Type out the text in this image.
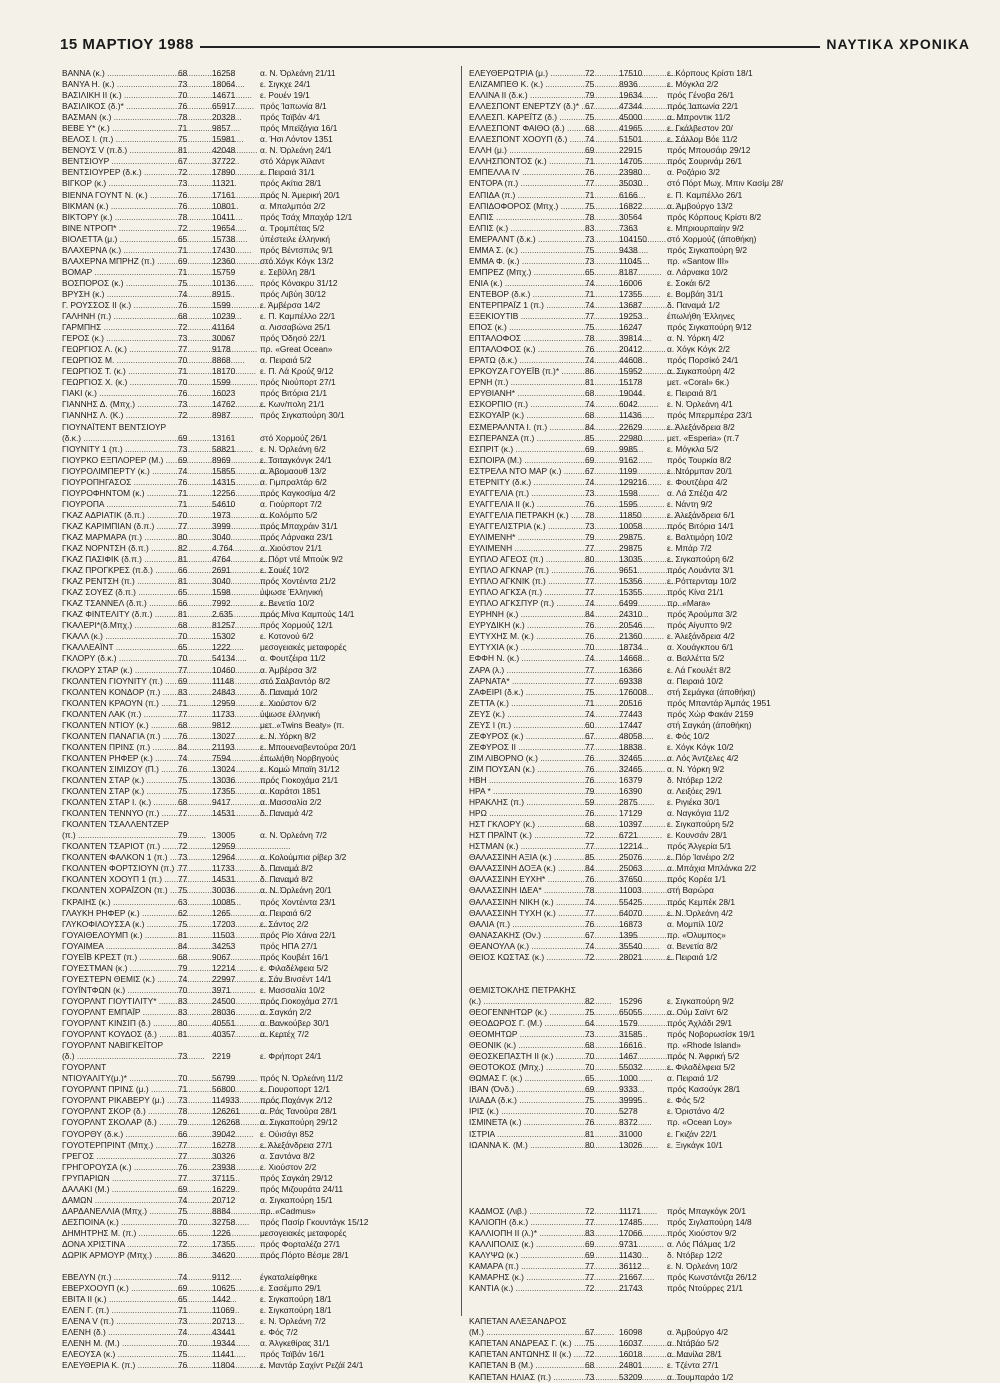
15 ΜΑΡΤΙΟΥ 1988	ΝΑΥΤΙΚΑ ΧΡΟΝΙΚΑ
ΒΑΝΝΑ (κ.) .....	68	16258	α. Ν. Όρλεάνη 21/11
ΒΑΝΥΑ Η. (κ.) .....	73	18064	ε. Σιγκχε 24/1
ΒΑΣΙΛΙΚΗ ΙΙ (κ.) .....	70	14671	ε. Ρουέν 19/1
ΒΑΣΙΛΙΚΟΣ (δ.)* .....	76	65917	πρός Ίαπωνία 8/1
ΒΑΣΜΑΝ (κ.) .....	78	20328	πρός Ταϊβάν 4/1
ΒΕΒΕ Υ* (κ.) .....	71	9857	πρός Μπεϊζάγια 16/1
ΒΕΛΟΣ Ι. (π.) .....	75	15981	α. Ήσι Λόντον 1351
ΒΕΝΟΥΣ V (π.δ.) .....	81	42048	α. Ν. Όρλεάνη 24/1
ΒΕΝΤΣΙΟΥΡ .....	67	37722	στό Χάργκ Άϊλαντ
ΒΕΝΤΣΙΟΥΡΕΡ (δ.κ.) .....	72	17890	ε. Πειραιά 31/1
ΒΙΓΚΟΡ (κ.) .....	73	11321	πρός Ακίτια 28/1
ΒΙΕΝΝΑ ΓΟΥΝΤ Ν. (κ.) .....	76	17161	πρός Ν. Άμερική 20/1
ΒΙΚΜΑΝ (κ.) .....	76	10801	α. Μπαλμπόα 2/2
ΒΙΚΤΟΡΥ (κ.) .....	78	10411	πρός Τσάχ Μπαχάρ 12/1
ΒΙΝΕ ΝΤΡΟΠ* .....	72	19654	α. Τρομπέτας 5/2
ΒΙΟΛΕΤΤΑ (μ.) .....	65	15738	ύπέστειλε έλληνική
ΒΛΑΧΕΡΝΑ (κ.) .....	71	17430	πρός Βέντσπιλς 9/1
ΒΛΑΧΕΡΝΑ ΜΠΡΗΖ (π.) .....	69	12360	στό Χόγκ Κόγκ 13/2
ΒΟΜΑΡ .....	71	15759	ε. Σεβίλλη 28/1
ΒΟΣΠΟΡΟΣ (κ.) .....	75	10136	πρός Κόνακρυ 31/12
ΒΡΥΣΗ (κ.) .....	74	8915	πρός Λιβύη 30/12
Γ. ΡΟΥΣΣΟΣ ΙΙ (κ.) .....	76	1599	ε. Άμβέρσα 14/2
ΓΑΛΗΝΗ (π.) .....	68	10239	ε. Π. Καμπέλλο 22/1
ΓΑΡΜΠΗΣ .....	72	41164	α. Λισσαβώνα 25/1
ΓΕΡΟΣ (κ.) .....	73	30067	πρός Όδησό 22/1
ΓΕΩΡΓΙΟΣ Λ. (κ.) .....	77	9178	πρ. «Great Ocean»
ΓΕΩΡΓΙΟΣ Μ. .....	70	8868	α. Πειραιά 5/2
ΓΕΩΡΓΙΟΣ Τ. (κ.) .....	71	18170	ε. Π. Λά Κρούζ 9/12
ΓΕΩΡΓΙΟΣ Χ. (κ.) .....	70	1599	πρός Νιούπορτ 27/1
ΓΙΑΚΙ (κ.) .....	76	16023	πρός Βιτόρια 21/1
ΓΙΑΝΝΗΣ Δ. (Μπχ.) .....	73	14762	ε. Κων/πολη 21/1
ΓΙΑΝΝΗΣ Λ. (Κ.) .....	72	8987	πρός Σιγκαπούρη 30/1
ΓΙΟΥΝΑΪΤΕΝΤ ΒΕΝΤΣΙΟΥΡ
(δ.κ.) .....	69	13161	στό Χορμούζ 26/1
ΓΙΟΥΝΙΤΥ 1 (π.) .....	73	58821	ε. Ν. Όρλεάνη 6/2
ΓΙΟΥΡΚΟ ΕΞΠΛΟΡΕΡ (Μ.) .....	69	8969	ε. Τσιταγκόνγκ 24/1
ΓΙΟΥΡΟΛΙΜΠΕΡΤΥ (κ.) .....	74	15855	α. Άβομαουθ 13/2
ΓΙΟΥΡΟΠΗΓΑΣΟΣ .....	76	14315	α. Γιμπραλτάρ 6/2
ΓΙΟΥΡΟΦΗΝΤΟΜ (κ.) .....	71	12256	πρός Καγκοσίμα 4/2
ΓΙΟΥΡΟΠΑ .....	71	54610	α. Γιούρπορτ 7/2
ΓΚΑΖ ΑΔΡΙΑΤΙΚ (δ.π.) .....	70	1973	α. Κολόμπο 5/2
ΓΚΑΖ ΚΑΡΙΜΠΙΑΝ (δ.π.) .....	77	3999	πρός Μπαχράιν 31/1
ΓΚΑΖ ΜΑΡΜΑΡΑ (π.) .....	80	3040	πρός Λάρνακα 23/1
ΓΚΑΖ ΝΟΡΝΤΣΗ (δ.π.) .....	82	4.764	α. Χιούστον 21/1
ΓΚΑΖ ΠΑΣΙΦΙΚ (δ.π.) .....	81	4764	ε. Πόρτ ντέ Μπούκ 9/2
ΓΚΑΖ ΠΡΟΓΚΡΕΣ (π.δ.) .....	66	2691	ε. Σουέζ 10/2
ΓΚΑΖ ΡΕΝΤΣΗ (π.) .....	81	3040	πρός Χοντέιντα 21/2
ΓΚΑΖ ΣΟΥΕΖ (δ.π.) .....	65	1598	ύψωσε Έλληνική
ΓΚΑΖ ΤΣΑΝΝΕΛ (δ.π.) .....	66	7992	ε. Βενετία 10/2
ΓΚΑΖ ΦΙΝΤΕΛΙΤΥ (δ.π.) .....	81	2.635	πρός Μίνα Καμπούς 14/1
ΓΚΑΛΕΡΙ*(δ.Μπχ.) .....	68	81257	πρός Χορμούζ 12/1
ΓΚΑΛΛ (κ.) .....	70	15302	ε. Κοτονού 6/2
ΓΚΑΛΛΕΑΪΝΤ .....	65	1222	μεσογειακές μεταφορές
ΓΚΛΟΡΥ (δ.κ.) .....	70	54134	α. Φουτζέιρα 11/2
ΓΚΛΟΡΥ ΣΤΑΡ (κ.) .....	77	10460	α. Άμβέρσα 3/2
ΓΚΟΛΝΤΕΝ ΓΙΟΥΝΙΤΥ (π.) .....	69	11148	στό Σαλβαντόρ 8/2
ΓΚΟΛΝΤΕΝ ΚΟΝΔΟΡ (π.) .....	83	24843	δ. Παναμά 10/2
ΓΚΟΛΝΤΕΝ ΚΡΑΟΥΝ (π.) .....	71	12959	ε. Χιούστον 6/2
ΓΚΟΛΝΤΕΝ ΛΑΚ (π.) .....	77	11733	ύψωσε έλληνική
ΓΚΟΛΝΤΕΝ ΝΤΙΟΥ (κ.) .....	68	9812	μετ. «Twins Beaty» (π.
ΓΚΟΛΝΤΕΝ ΠΑΝΑΓΙΑ (π.) .....	76	13027	ε. Ν. Υόρκη 8/2
ΓΚΟΛΝΤΕΝ ΠΡΙΝΣ (π.) .....	84	21193	ε. Μπουεναβεντούρα 20/1
ΓΚΟΛΝΤΕΝ ΡΗΦΕΡ (κ.) .....	74	7594	έπωλήθη Νορβηγούς
ΓΚΟΛΝΤΕΝ ΣΙΜΙΖΟΥ (Π.) .....	76	13024	ε. Κομώ Μπαϊη 31/12
ΓΚΟΛΝΤΕΝ ΣΤΑΡ (κ.) .....	75	13036	πρός Γιοκοχάμα 21/1
ΓΚΟΛΝΤΕΝ ΣΤΑΡ (κ.) .....	75	17355	α. Καράτσι 1851
ΓΚΟΛΝΤΕΝ ΣΤΑΡ Ι. (κ.) .....	68	9417	α. Μασσαλία 2/2
ΓΚΟΛΝΤΕΝ ΤΕΝΝΥΟ (π.) .....	77	14531	δ. Παναμά 4/2
ΓΚΟΛΝΤΕΝ ΤΣΑΛΛΕΝΤΖΕΡ
(π.) .....	79	13005	α. Ν. Όρλεάνη 7/2
ΓΚΟΛΝΤΕΝ ΤΣΑΡΙΟΤ (π.) .....	72	12959
ΓΚΟΛΝΤΕΝ ΦΑΛΚΟΝ 1 (π.) .....	73	12964	α. Κολούμπια ρίβερ 3/2
ΓΚΟΛΝΤΕΝ ΦΟΡΤΣΙΟΥΝ (π.) ..... 77	11733	δ. Παναμά 8/2
ΓΚΟΛΝΤΕΝ ΧΟΟΥΠ 1 (π.) .....	77	14531	δ. Παναμά 8/2
ΓΚΟΛΝΤΕΝ ΧΟΡΑΪΖΟΝ (π.) .....	75	30036	α. Ν. Όρλεάνη 20/1
ΓΚΡΑΙΗΣ (κ.) .....	63	10085	πρός Χοντέιντα 23/1
ΓΛΑΥΚΗ ΡΗΦΕΡ (κ.) .....	62	1265	α. Πειραιά 6/2
ΓΛΥΚΟΦΙΛΟΥΣΣΑ (κ.) .....	75	17203	ε. Σάντος 2/2
ΓΟΥΑΙΘΕΛΟΥΜΠ (κ.) .....	81	11503	πρός Ρίο Χάινα 22/1
ΓΟΥΑΙΜΕΑ .....	84	34253	πρός ΗΠΑ 27/1
ΓΟΥΕΪΒ ΚΡΕΣΤ (π.) .....	68	9067	πρός Κουβέιτ 16/1
ΓΟΥΕΣΤΜΑΝ (κ.) .....	79	12214	ε. Φιλαδέλφεια 5/2
ΓΟΥΕΣΤΕΡΝ ΘΕΜΙΣ (κ.) .....	74	22997	ε. Σάν Βινσέντ 14/1
ΓΟΥΪΝΤΦΩΝ (κ.) .....	70	3971	ε. Μασσαλία 10/2
ΓΟΥΟΡΛΝΤ ΓΙΟΥΤΙΛΙΤΥ* .....	83	24500	πρός Γιοκοχάμα 27/1
ΓΟΥΟΡΛΝΤ ΕΜΠΑΪΡ .....	83	28036	α. Σαγκάη 2/2
ΓΟΥΟΡΛΝΤ ΚΙΝΣΙΠ (δ.) .....	80	40551	α. Βανκούβερ 30/1
ΓΟΥΟΡΛΝΤ ΚΟΥΔΟΣ (δ.) .....	81	40357	α. Κερτέχ 7/2
ΓΟΥΟΡΛΝΤ ΝΑΒΙΓΚΕΪΤΟΡ
(δ.) .....	73	2219	ε. Φρήπορτ 24/1
ΓΟΥΟΡΛΝΤ
ΝΤΙΟΥΑΛΙΤΥ(μ.)* .....	70	56799	πρός Ν. Όρλεάνη 11/2
ΓΟΥΟΡΛΝΤ ΠΡΙΝΣ (μ.) .....	71	56800	ε. Γιουροπορτ 12/1
ΓΟΥΟΡΛΝΤ ΡΙΚΑΒΕΡΥ (μ.) .....	73	114933	πρός Ποχάνγκ 2/12
ΓΟΥΟΡΛΝΤ ΣΚΟΡ (δ.) .....	78	126261	α. Ράς Τανούρα 28/1
ΓΟΥΟΡΛΝΤ ΣΚΟΛΑΡ (δ.) .....	79	126268	α. Σιγκαπούρη 29/12
ΓΟΥΟΡΘΥ (δ.κ.) .....	66	39042	ε. Ούισάγι 852
ΓΟΥΟΤΕΡΠΡΙΝΤ (Μπχ.) .....	77	16278	ε. Άλεξάνδρεια 27/1
ΓΡΕΓΟΣ .....	77	30326	α. Σαντάνα 8/2
ΓΡΗΓΟΡΟΥΣΑ (κ.) .....	76	23938	ε. Χιούστον 2/2
ΓΡΥΠΑΡΙΩΝ .....	77	37115	πρός Σαγκάη 29/12
ΔΑΛΑΚΙ (Μ.) .....	69	16229	πρός Μιζουράτα 24/11
ΔΑΜΩΝ .....	74	20712	α. Σιγκαπούρη 15/1
ΔΑΡΔΑΝΕΛΛΙΑ (Μπχ.) .....	75	8884	πρ. «Cadmus»
ΔΕΣΠΟΙΝΑ (κ.) .....	70	32758	πρός Πασίρ Γκουντάγκ 15/12
ΔΗΜΗΤΡΗΣ Μ. (π.) .....	65	1226	μεσογειακές μεταφορές
ΔΟΝΑ ΧΡΙΣΤΙΝΑ .....	72	17355	πρός Φορταλέζα 27/1
ΔΩΡΙΚ ΑΡΜΟΥΡ (Μπχ.) .....	86	34620	πρός Πόρτο Βέσμε 28/1
ΕΒΕΛΥΝ (π.) .....	74	9112	έγκαταλείφθηκε
ΕΒΕΡΧΟΟΥΠ (κ.) .....	69	10625	ε. Σασέμπο 29/1
ΕΒΙΤΑ ΙΙ (κ.) .....	65	1442	ε. Σιγκαπούρη 18/1
ΕΛΕΝ Γ. (π.) .....	71	11069	ε. Σιγκαπούρη 18/1
ΕΛΕΝΑ V (π.) .....	73	20713	ε. Ν. Όρλεάνη 7/2
ΕΛΕΝΗ (δ.) .....	74	43441	ε. Φός 7/2
ΕΛΕΝΗ Μ. (Μ.) .....	70	19344	α. Άλγκεθίρας 31/1
ΕΛΕΟΥΣΑ (κ.) .....	75	11441	πρός Ταϊβάν 16/1
ΕΛΕΥΘΕΡΙΑ Κ. (π.) .....	76	11804	ε. Μαντάρ Σαχίντ Ρεζάϊ 24/1
ΕΛΕΥΘΕΡΩΤΡΙΑ (μ.) .....	72	17510	ε. Κόρπους Κρίστι 18/1
ΕΛΙΖΑΜΠΕΘ Κ. (κ.) .....	75	8936	ε. Μόγκλα 2/2
ΕΛΛΙΝΑ ΙΙ (δ.κ.) .....	79	19634	πρός Γένοβα 26/1
ΕΛΛΕΣΠΟΝΤ ΕΝΕΡΤΖΥ (δ.)* ..... 67	47344	πρός Ίαπωνία 22/1
ΕΛΛΕΣΠ. ΚΑΡΕΪΤΖ (δ.) .....	75	45000	α. Μπροντικ 11/2
ΕΛΛΕΣΠΟΝΤ ΦΑΙΘΟ (δ.) .....	68	41965	ε. Γκάλβεστον 20/
ΕΛΛΕΣΠΟΝΤ ΧΟΟΥΠ (δ.) .....	74	51501	ε. Σάλλομ Βόε 11/2
ΕΛΛΗ (μ.) .....	69	22915	πρός Μπουσάιρ 29/12
ΕΛΛΗΣΠΟΝΤΟΣ (κ.) .....	71	14705	πρός Σουρινάμ 26/1
ΕΜΠΕΛΛΑ IV .....	76	23980	α. Ροζάριο 3/2
ΕΝΤΟΡΑ (π.) .....	77	35030	στό Πόρτ Μωχ. Μπιν Κασίμ 28/
ΕΛΠΙΔΑ (π.) .....	71	6166	ε. Π. Καμπέλλο 26/1
ΕΛΠΙΔΟΦΟΡΟΣ (Μπχ.) .....	75	16822	α. Άμβούργο 13/2
ΕΛΠΙΣ .....	78	30564	πρός Κόρπους Κρίστι 8/2
ΕΛΠΙΣ (κ.) .....	83	7363	ε. Μπριουρπαίην 9/2
ΕΜΕΡΑΛΝΤ (δ.κ.) .....	73	104150	στό Χορμούζ (άποθήκη)
ΕΜΜΑ Σ. (κ.) .....	75	9438	πρός Σιγκαπούρη 9/2
ΕΜΜΑ Φ. (κ.) .....	73	11045	πρ. «Santow III»
ΕΜΠΡΕΖ (Μπχ.) .....	65	8187	α. Λάρνακα 10/2
ΕΝΙΑ (κ.) .....	74	16006	ε. Σοκάι 6/2
ΕΝΤΕΒΟΡ (δ.κ.) .....	71	17355	ε. Βομβάη 31/1
ΕΝΤΕΡΠΡΑΪΖ 1 (π.) .....	74	13687	δ. Παναμά 1/2
ΕΞΕΚΙΟΥΤΙΒ .....	77	19253	έπωλήθη Έλληνες
ΕΠΟΣ (κ.) .....	75	16247	πρός Σιγκαπούρη 9/12
ΕΠΤΑΛΟΦΟΣ .....	78	39814	α. Ν. Υόρκη 4/2
ΕΠΤΑΛΟΦΟΣ (κ.) .....	76	20412	α. Χόγκ Κόγκ 2/2
ΕΡΑΤΩ (δ.κ.) .....	74	44608	πρός Πορσίκό 24/1
ΕΡΚΟΥΖΑ ΓΟΥΕΪΒ (π.)* .....	86	15952	α. Σιγκαπούρη 4/2
ΕΡΝΗ (π.) .....	81	15178	μετ. «Coral» 6κ.)
ΕΡΥΘΙΑΝΗ* .....	68	19044	ε. Πειραιά 8/1
ΕΣΚΟΡΠΙΟ (π.) .....	74	6042	ε. Ν. Όρλεάνη 4/1
ΕΣΚΟΥΑΪΡ (κ.) .....	68	11436	πρός Μπερμπέρα 23/1
ΕΣΜΕΡΑΛΝΤΑ Ι. (π.) .....	84	22629	ε. Άλεξάνδρεια 8/2
ΕΣΠΕΡΑΝΣΑ (π.) .....	85	22980	μετ. «Esperia» (π.7
ΕΣΠΡΙΤ (κ.) .....	69	9985	ε. Μόγκλα 5/2
ΕΣΠΟΙΡΑ (Μ.) .....	69	9162	πρός Τουρκία 8/2
ΕΣΤΡΕΛΑ ΝΤΟ ΜΑΡ (κ.) .....	67	1199	ε. Ντόρμπαν 20/1
ΕΤΕΡΝΙΤΥ (δ.κ.) .....	74	129216	ε. Φουτζέιρα 4/2
ΕΥΑΓΓΕΛΙΑ (π.) .....	73	1598	α. Λά Σπέζια 4/2
ΕΥΑΓΓΕΛΙΑ ΙΙ (κ.) .....	76	1595	ε. Νάντη 9/2
ΕΥΑΓΓΕΛΙΑ ΠΕΤΡΑΚΗ (κ.) .....	78	11850	ε. Άλεξάνδρεια 6/1
ΕΥΑΓΓΕΛΙΣΤΡΙΑ (κ.) .....	73	10058	πρός Βιτόρια 14/1
ΕΥΛΙΜΕΝΗ* .....	79	29875	ε. Βαλτιμόρη 10/2
ΕΥΛΙΜΕΝΗ .....	77	29875	ε. Μπάρ 7/2
ΕΥΠΛΟ ΑΓΕΟΣ (π.) .....	80	13035	ε. Σιγκαπούρη 6/2
ΕΥΠΛΟ ΑΓΚΝΑΡ (π.) .....	76	9651	πρός Λουάντα 3/1
ΕΥΠΛΟ ΑΓΚΝΙΚ (π.) .....	77	15356	ε. Ρόττερνταμ 10/2
ΕΥΠΛΟ ΑΓΚΣΑ (π.) .....	77	15355	πρός Κίνα 21/1
ΕΥΠΛΟ ΑΓΚΣΠΥΡ (π.) .....	74	6499	πρ. «Mara»
ΕΥΡΗΝΗ (κ.) .....	84	24310	πρός Άρούμπα 3/2
ΕΥΡΥΔΙΚΗ (κ.) .....	76	20546	πρός Αίγυπτο 9/2
ΕΥΤΥΧΗΣ Μ. (κ.) .....	76	21360	ε. Άλεξάνδρεια 4/2
ΕΥΤΥΧΙΑ (κ.) .....	70	18734	α. Χουάγκπου 6/1
ΕΦΦΗ Ν. (κ.) .....	74	14668	α. Βαλλέττα 5/2
ΖΑΡΑ (λ.) .....	77	16366	ε. Λά Γκουλέτ 8/2
ΖΑΡΝΑΤΑ* .....	77	69338	α. Πειραιά 10/2
ΖΑΦΕΙΡΙ (δ.κ.) .....	75	176008	στή Σεμάγκα (άποθήκη)
ΖΕΤΤΑ (κ.) .....	71	20516	πρός Μπαντάρ Άμπάς 1951
ΖΕΥΣ (κ.) .....	74	77443	πρός Χώρ Φακάν 2159
ΖΕΥΣ Ι (π.) .....	60	17447	στή Σαγκάη (άποθήκη)
ΖΕΦΥΡΟΣ (κ.) .....	67	48058	ε. Φός 10/2
ΖΕΦΥΡΟΣ ΙΙ .....	77	18838	ε. Χόγκ Κόγκ 10/2
ΖΙΜ ΛΙΒΟΡΝΟ (κ.) .....	76	32465	α. Λός Άντζελες 4/2
ΖΙΜ ΠΟΥΣΑΝ (κ.) .....	76	32465	α. Ν. Υόρκη 9/2
ΗΒΗ .....	76	16379	δ. Ντόβερ 12/2
ΗΡΑ * .....	79	16390	α. Λειξόες 29/1
ΗΡΑΚΛΗΣ (π.) .....	59	2875	ε. Ριγιέκα 30/1
ΗΡΩ .....	76	17129	α. Ναγκόγια 11/2
ΗΣΤ ΓΚΛΟΡΥ (κ.) .....	68	10397	ε. Σιγκαπούρη 5/2
ΗΣΤ ΠΡΑΪΝΤ (κ.) .....	72	6721	ε. Κουνσάν 28/1
ΗΣΤΜΑΝ (κ.) .....	77	12214	πρός Άλγερία 5/1
ΘΑΛΑΣΣΙΝΗ ΑΞΙΑ (κ.) .....	85	25076	ε. Πόρ Ίανέιρο 2/2
ΘΑΛΑΣΣΙΝΗ ΔΟΞΑ (κ.) .....	84	25063	α. Μπάχια Μπλάνκα 2/2
ΘΑΛΑΣΣΙΝΗ ΕΥΧΗ* .....	76	37650	πρός Κορέα 1/1
ΘΑΛΑΣΣΙΝΗ ΙΔΕΑ* .....	78	11003	στή Βαρώρα
ΘΑΛΑΣΣΙΝΗ ΝΙΚΗ (κ.) .....	74	55425	πρός Κεμπέκ 28/1
ΘΑΛΑΣΣΙΝΗ ΤΥΧΗ (κ.) .....	77	64070	ε. Ν. Όρλεάνη 4/2
ΘΑΛΙΑ (π.) .....	76	16873	α. Μομπίλ 10/2
ΘΑΝΑΣΑΚΗΣ (Ον.) .....	67	1395	πρ. «Όλυμπος»
ΘΕΑΝΟΥΛΑ (κ.) .....	74	35540	α. Βενετία 8/2
ΘΕΙΟΣ ΚΩΣΤΑΣ (κ.) .....	72	28021	ε. Πειραιά 1/2
ΘΕΜΙΣΤΟΚΛΗΣ ΠΕΤΡΑΚΗΣ
(κ.) .....	82	15296	ε. Σιγκαπούρη 9/2
ΘΕΟΓΕΝΝΗΤΩΡ (κ.) .....	75	65055	α. Ούμ Σαϊντ 6/2
ΘΕΟΔΩΡΟΣ Γ. (Μ.) .....	64	1579	πρός Άχλάδι 29/1
ΘΕΟΜΗΤΩΡ .....	73	31585	πρός Νοβορωσίσκ 19/1
ΘΕΟΝΙΚ (κ.) .....	68	16616	πρ. «Rhode Island»
ΘΕΟΣΚΕΠΑΣΤΗ ΙΙ (κ.) .....	70	1467	πρός Ν. Άφρική 5/2
ΘΕΟΤΟΚΟΣ (Μπχ.) .....	70	55032	ε. Φιλαδέλφεια 5/2
ΘΩΜΑΣ Γ. (κ.) .....	65	1000	α. Πειραιά 1/2
ΙΒΑΝ (Όνδ.) .....	69	9333	πρός Κασούγκ 28/1
ΙΛΙΑΔΑ (δ.κ.) .....	75	39995	ε. Φός 5/2
ΙΡΙΣ (κ.) .....	70	5278	ε. Όριστάνο 4/2
ΙΣΜΙΝΕΤΑ (κ.) .....	76	8372	πρ. «Ocean Loy»
ΙΣΤΡΙΑ .....	81	31000	ε. Γκιζάν 22/1
ΙΩΑΝΝΑ Κ. (Μ.) .....	80	13026	ε. Ξιγκάγκ 10/1
ΚΑΔΜΟΣ (Λιβ.) .....	72	11171	πρός Μπαγκόγκ 20/1
ΚΑΛΙΟΠΗ (δ.κ.) .....	77	17485	πρός Σιγλαπούρη 14/8
ΚΑΛΛΙΟΠΗ ΙΙ (λ.)* .....	83	17066	πρός Χιούστον 9/2
ΚΑΛΛΙΠΟΛΙΣ (κ.) .....	69	9731	α. Λός Πάλμας 1/2
ΚΑΛΥΨΩ (κ.) .....	69	11430	δ. Ντόβερ 12/2
ΚΑΜΑΡΑ (π.) .....	77	36112	ε. Ν. Όρλεάνη 10/2
ΚΑΜΑΡΗΣ (κ.) .....	77	21667	πρός Κωνστάντζα 26/12
ΚΑΝΤΙΑ (κ.) .....	72	21743	πρός Ντούρρες 21/1
ΚΑΠΕΤΑΝ ΑΛΕΞΑΝΔΡΟΣ
(Μ.) .....	67	16098	α. Άμβούργο 4/2
ΚΑΠΕΤΑΝ ΑΝΔΡΕΑΣ Γ. (κ.) .....	75	16037	α. Ντάβάο 5/2
ΚΑΠΕΤΑΝ ΑΝΤΩΝΗΣ ΙΙ (κ.) .....	72	16018	α. Μανίλα 28/1
ΚΑΠΕΤΑΝ Β (Μ.) .....	68	24801	ε. Τζέντα 27/1
ΚΑΠΕΤΑΝ ΗΛΙΑΣ (π.) .....	73	53209	α. Τουμπαράο 1/2
